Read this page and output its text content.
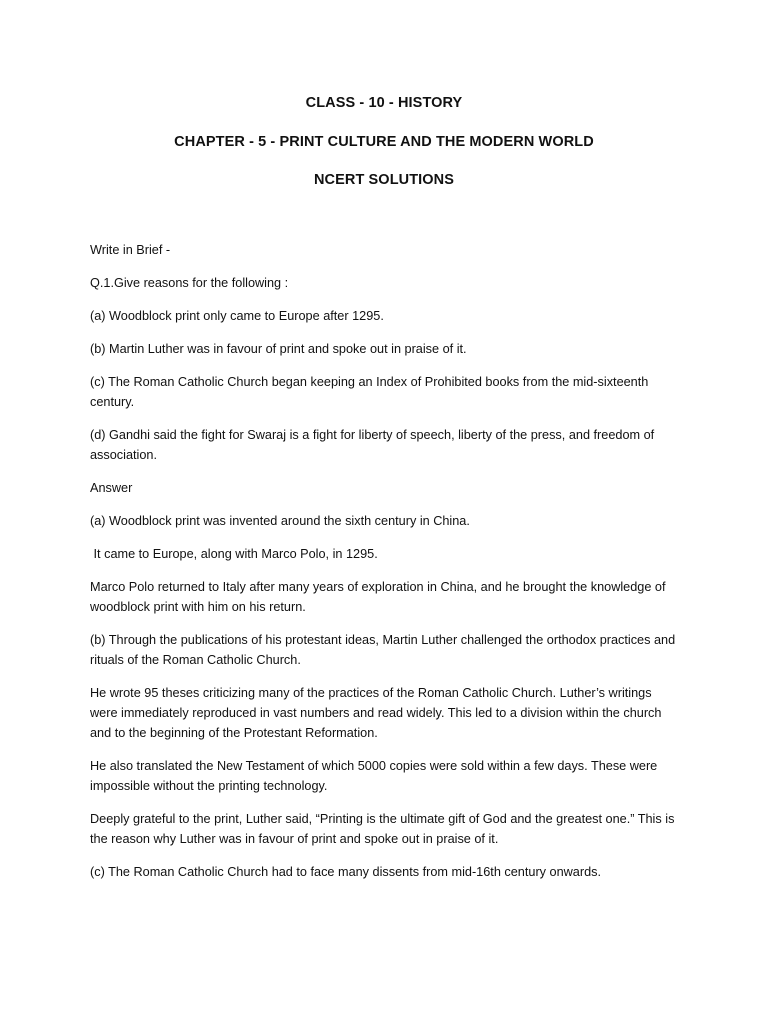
CLASS - 10 - HISTORY
CHAPTER - 5 - PRINT CULTURE AND THE MODERN WORLD
NCERT SOLUTIONS

Write in Brief -

Q.1.Give reasons for the following :

(a) Woodblock print only came to Europe after 1295.

(b) Martin Luther was in favour of print and spoke out in praise of it.

(c) The Roman Catholic Church began keeping an Index of Prohibited books from the mid-sixteenth century.

(d) Gandhi said the fight for Swaraj is a fight for liberty of speech, liberty of the press, and freedom of association.

Answer

(a) Woodblock print was invented around the sixth century in China.

It came to Europe, along with Marco Polo, in 1295.

Marco Polo returned to Italy after many years of exploration in China, and he brought the knowledge of woodblock print with him on his return.

(b) Through the publications of his protestant ideas, Martin Luther challenged the orthodox practices and rituals of the Roman Catholic Church.

He wrote 95 theses criticizing many of the practices of the Roman Catholic Church. Luther’s writings were immediately reproduced in vast numbers and read widely. This led to a division within the church and to the beginning of the Protestant Reformation.

He also translated the New Testament of which 5000 copies were sold within a few days. These were impossible without the printing technology.

Deeply grateful to the print, Luther said, “Printing is the ultimate gift of God and the greatest one.” This is the reason why Luther was in favour of print and spoke out in praise of it.

(c) The Roman Catholic Church had to face many dissents from mid-16th century onwards.
